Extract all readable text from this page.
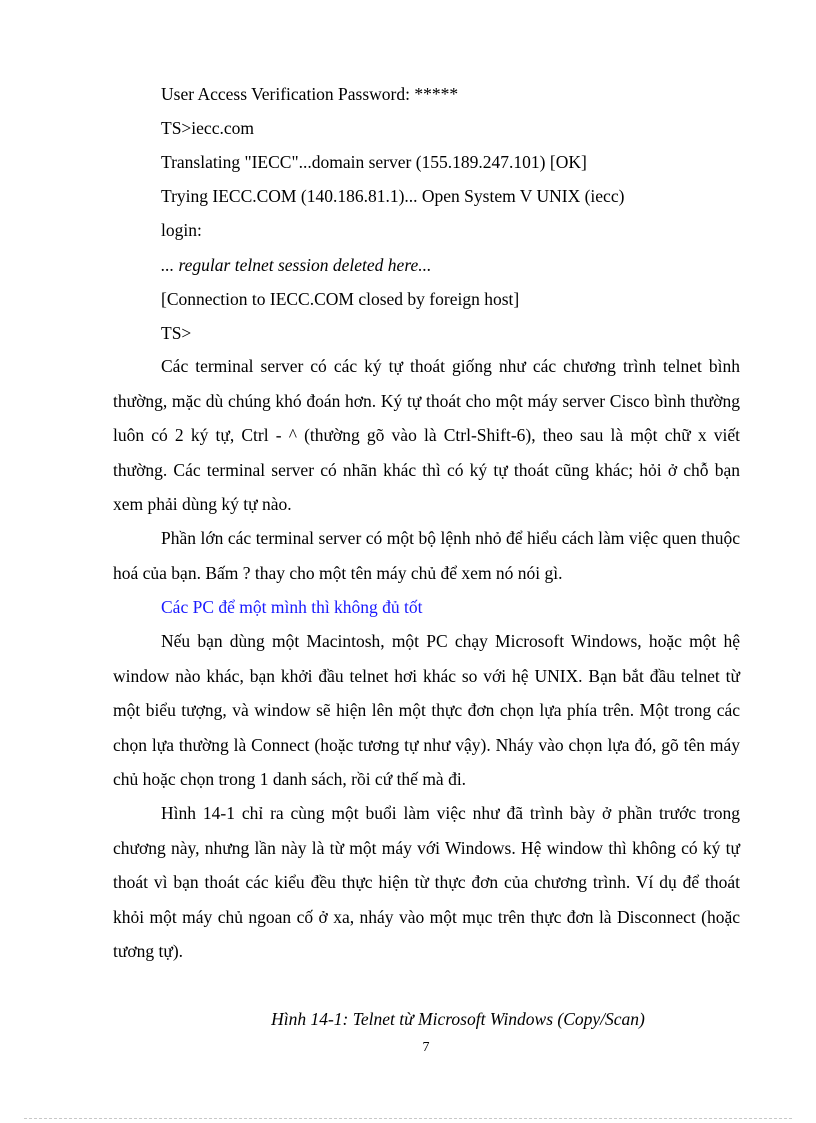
User Access Verification Password: *****
TS>iecc.com
Translating "IECC"...domain server (155.189.247.101) [OK]
Trying IECC.COM (140.186.81.1)... Open System V UNIX (iecc)
login:
... regular telnet session deleted here...
[Connection to IECC.COM closed by foreign host]
TS>

Các terminal server có các ký tự thoát giống như các chương trình telnet bình thường, mặc dù chúng khó đoán hơn. Ký tự thoát cho một máy server Cisco bình thường luôn có 2 ký tự, Ctrl - ^ (thường gõ vào là Ctrl-Shift-6), theo sau là một chữ x viết thường. Các terminal server có nhãn khác thì có ký tự thoát cũng khác; hỏi ở chỗ bạn xem phải dùng ký tự nào.

Phần lớn các terminal server có một bộ lệnh nhỏ để hiểu cách làm việc quen thuộc hoá của bạn. Bấm ? thay cho một tên máy chủ để xem nó nói gì.

Các PC để một mình thì không đủ tốt

Nếu bạn dùng một Macintosh, một PC chạy Microsoft Windows, hoặc một hệ window nào khác, bạn khởi đầu telnet hơi khác so với hệ UNIX. Bạn bắt đầu telnet từ một biểu tượng, và window sẽ hiện lên một thực đơn chọn lựa phía trên. Một trong các chọn lựa thường là Connect (hoặc tương tự như vậy). Nháy vào chọn lựa đó, gõ tên máy chủ hoặc chọn trong 1 danh sách, rồi cứ thế mà đi.

Hình 14-1 chỉ ra cùng một buổi làm việc như đã trình bày ở phần trước trong chương này, nhưng lần này là từ một máy với Windows. Hệ window thì không có ký tự thoát vì bạn thoát các kiểu đều thực hiện từ thực đơn của chương trình. Ví dụ để thoát khỏi một máy chủ ngoan cố ở xa, nháy vào một mục trên thực đơn là Disconnect (hoặc tương tự).

Hình 14-1: Telnet từ Microsoft Windows (Copy/Scan)
7
